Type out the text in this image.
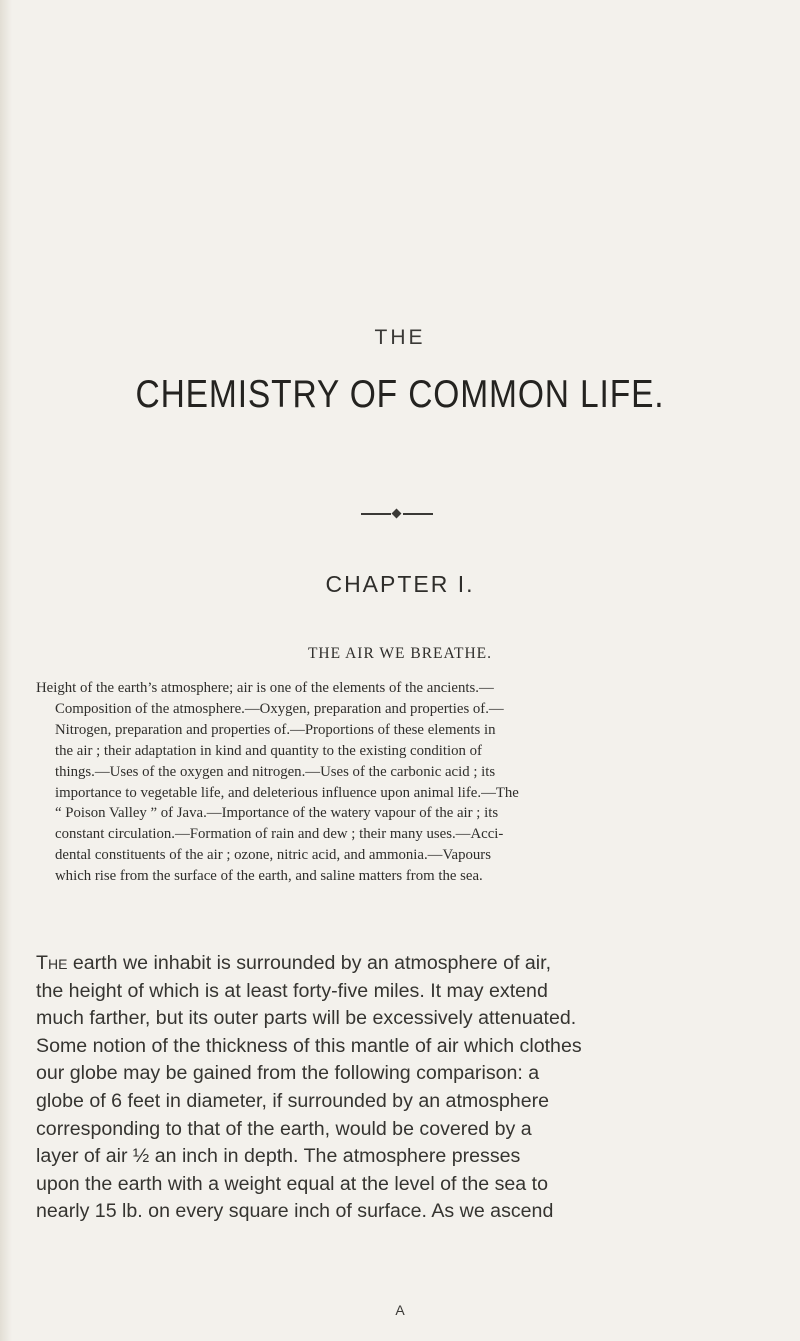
THE
CHEMISTRY OF COMMON LIFE.
CHAPTER I.
THE AIR WE BREATHE.
Height of the earth’s atmosphere; air is one of the elements of the ancients.—
Composition of the atmosphere.—Oxygen, preparation and properties of.—
Nitrogen, preparation and properties of.—Proportions of these elements in
the air ; their adaptation in kind and quantity to the existing condition of
things.—Uses of the oxygen and nitrogen.—Uses of the carbonic acid ; its
importance to vegetable life, and deleterious influence upon animal life.—The
“ Poison Valley ” of Java.—Importance of the watery vapour of the air ; its
constant circulation.—Formation of rain and dew ; their many uses.—Acci-
dental constituents of the air ; ozone, nitric acid, and ammonia.—Vapours
which rise from the surface of the earth, and saline matters from the sea.
The earth we inhabit is surrounded by an atmosphere of air,
the height of which is at least forty-five miles. It may extend
much farther, but its outer parts will be excessively attenuated.
Some notion of the thickness of this mantle of air which clothes
our globe may be gained from the following comparison: a
globe of 6 feet in diameter, if surrounded by an atmosphere
corresponding to that of the earth, would be covered by a
layer of air ½ an inch in depth. The atmosphere presses
upon the earth with a weight equal at the level of the sea to
nearly 15 lb. on every square inch of surface. As we ascend
A
